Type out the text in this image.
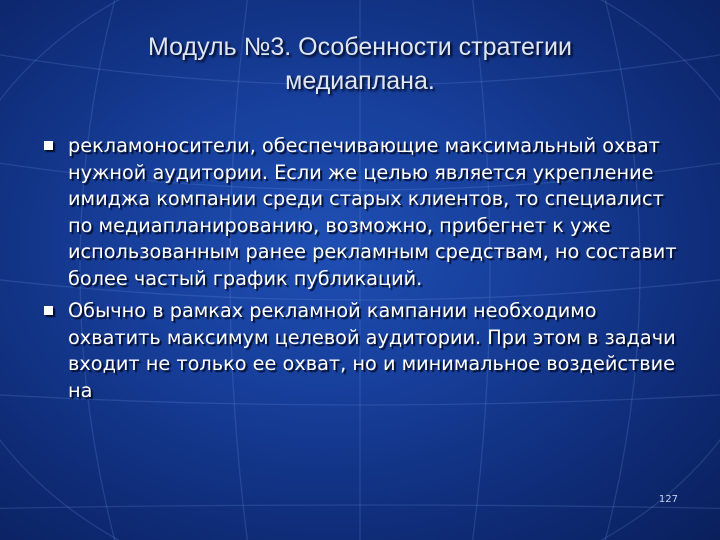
Модуль №3. Особенности стратегии
медиаплана.
рекламоносители, обеспечивающие максимальный охват нужной аудитории. Если же целью является укрепление имиджа компании среди старых клиентов, то специалист по медиапланированию, возможно, прибегнет к уже использованным ранее рекламным средствам, но составит более частый график публикаций.
Обычно в рамках рекламной кампании необходимо охватить максимум целевой аудитории. При этом в задачи входит не только ее охват, но и минимальное воздействие на
127
